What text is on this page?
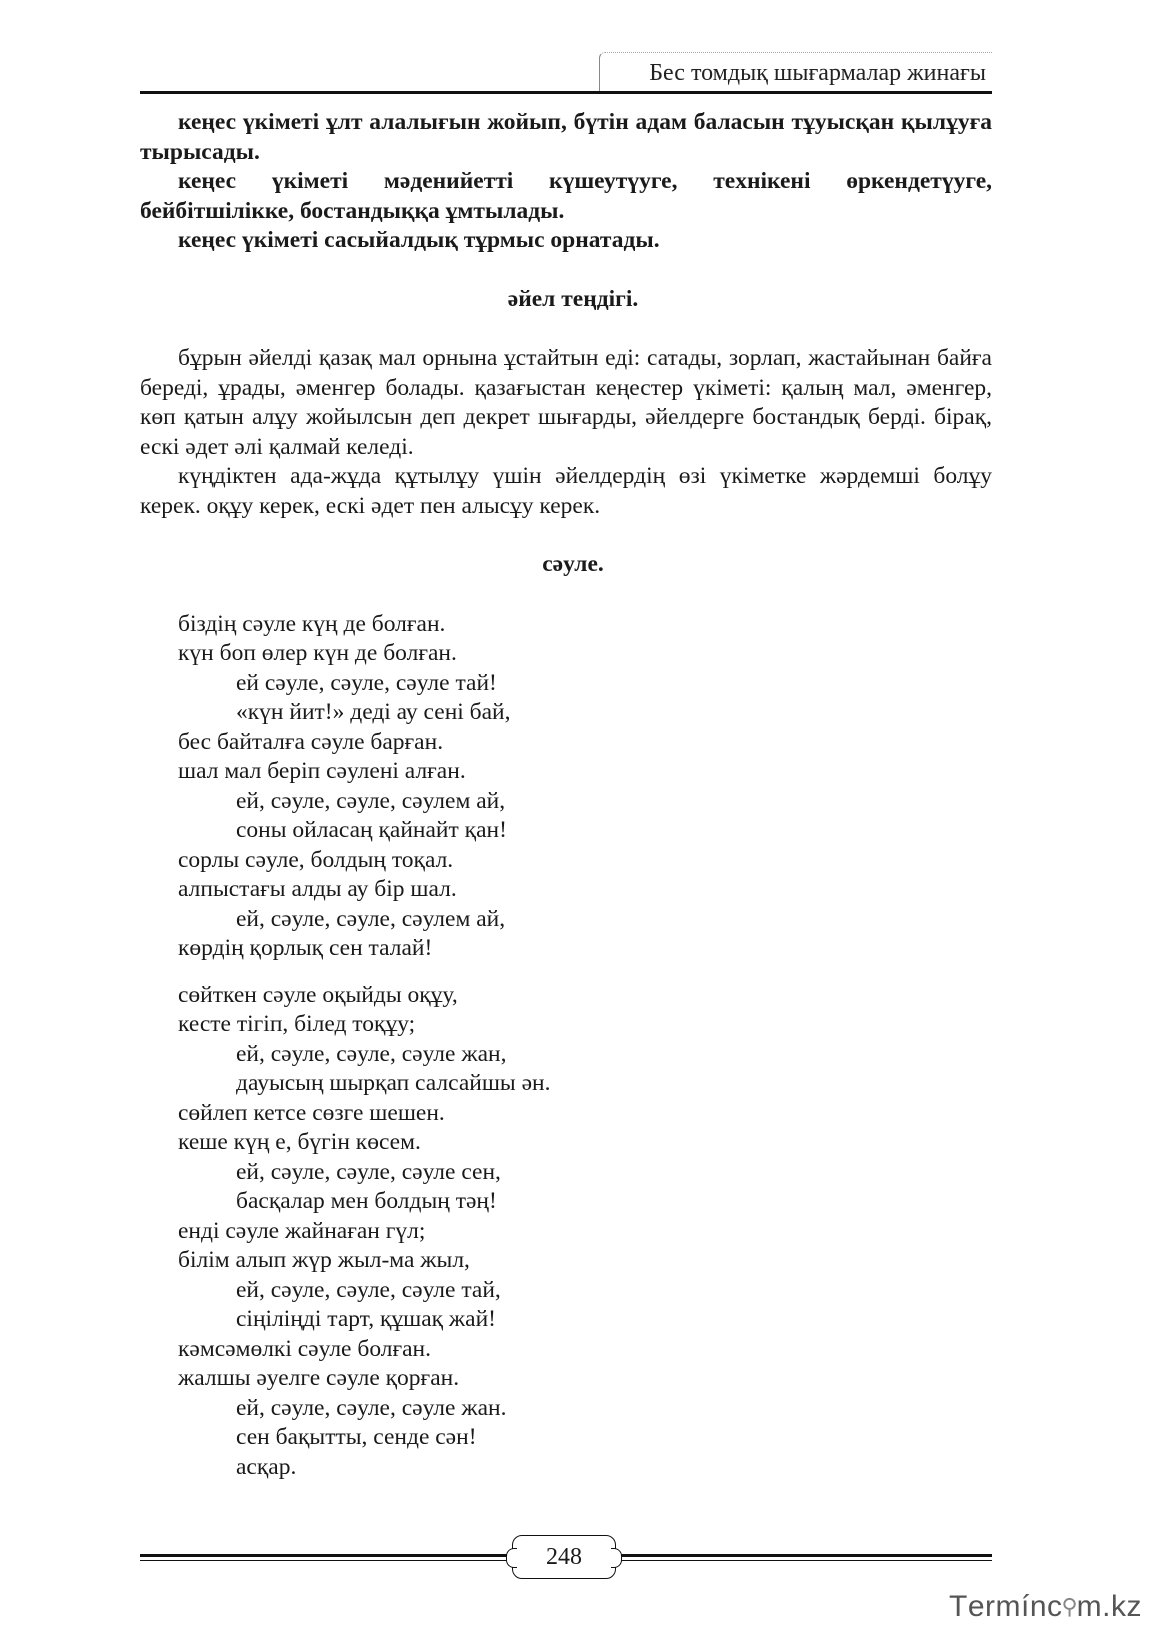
Бес томдық шығармалар жинағы

кеңес үкіметі ұлт алалығын жойып, бүтін адам баласын тұуысқан қылұуға тырысады.

кеңес үкіметі мәденийетті күшеутүуге, теxнікені өркендетүуге, бейбітшілікке, бостандыққа ұмтылады.

кеңес үкіметі сасыйалдық тұрмыс орнатады.

әйел теңдігі.

бұрын әйелді қазақ мал орнына ұстайтын еді: сатады, зорлап, жастайынан байға береді, ұрады, әменгер болады. қазағыстан кеңестер үкіметі: қалың мал, әменгер, көп қатын алұу жойылсын деп декрет шығарды, әйелдерге бостандық берді. бірақ, ескі әдет әлі қалмай келеді.

күңдіктен ада-жұда құтылұу үшін әйелдердің өзі үкіметке жәрдемші болұу керек. оқұу керек, ескі әдет пен алысұу керек.

сәуле.

біздің сәуле күң де болған.
күн боп өлер күн де болған.
ей сәуле, сәуле, сәуле тай!
«күн йит!» деді ау сені бай,
бес байталға сәуле барған.
шал мал беріп сәулені алған.
ей, сәуле, сәуле, сәулем ай,
соны ойласаң қайнайт қан!
сорлы сәуле, болдың тоқал.
алпыстағы алды ау бір шал.
ей, сәуле, сәуле, сәулем ай,
көрдің қорлық сен талай!
сөйткен сәуле оқыйды оқұу,
кесте тігіп, білед тоқұу;
ей, сәуле, сәуле, сәуле жан,
дауысың шырқап салсайшы ән.
сөйлеп кетсе сөзге шешен.
кеше күң е, бүгін көсем.
ей, сәуле, сәуле, сәуле сен,
басқалар мен болдың тәң!
енді сәуле жайнаған гүл;
білім алып жүр жыл-ма жыл,
ей, сәуле, сәуле, сәуле тай,
сіңіліңді тарт, құшақ жай!
кәмсәмөлкі сәуле болған.
жалшы әуелге сәуле қорған.
ей, сәуле, сәуле, сәуле жан.
сен бақытты, сенде сән!
асқар.
248
T ermínc ⚲ m.kz
